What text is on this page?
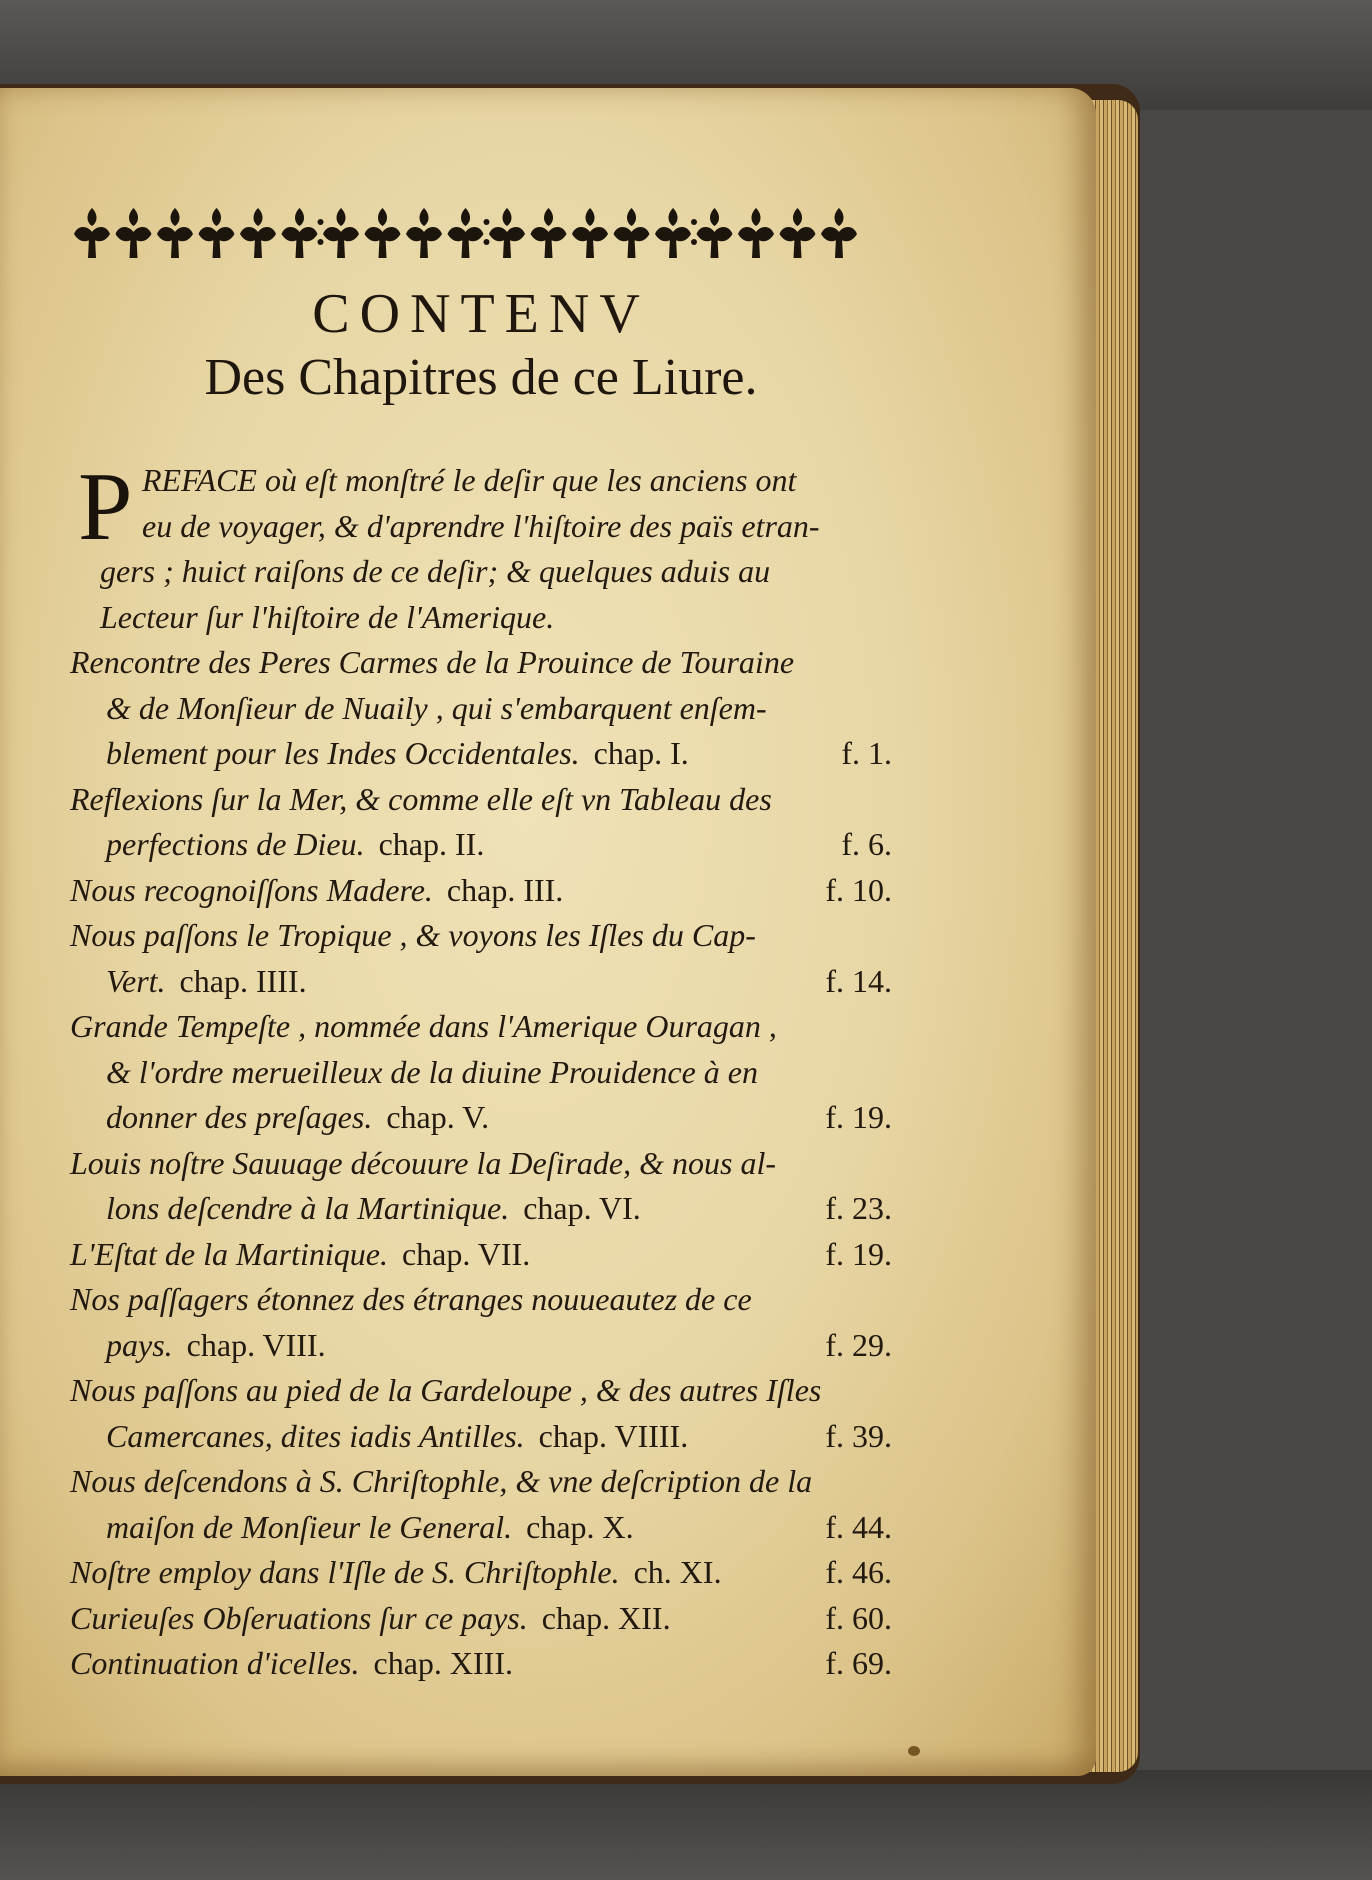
CONTENV
Des Chapitres de ce Liure.
P REFACE où eſt monſtré le deſir que les anciens ont
eu de voyager, & d'aprendre l'hiſtoire des païs etran-
gers ; huict raiſons de ce deſir; & quelques aduis au
Lecteur ſur l'hiſtoire de l'Amerique.
Rencontre des Peres Carmes de la Prouince de Touraine
& de Monſieur de Nuaily , qui s'embarquent enſem-
blement pour les Indes Occidentales. chap. I.	f. 1.
Reflexions ſur la Mer, & comme elle eſt vn Tableau des
perfections de Dieu. chap. II.	f. 6.
Nous recognoiſſons Madere. chap. III.	f. 10.
Nous paſſons le Tropique , & voyons les Iſles du Cap-
Vert. chap. IIII.	f. 14.
Grande Tempeſte , nommée dans l'Amerique Ouragan ,
& l'ordre merueilleux de la diuine Prouidence à en
donner des preſages. chap. V.	f. 19.
Louis noſtre Sauuage découure la Deſirade, & nous al-
lons deſcendre à la Martinique. chap. VI.	f. 23.
L'Eſtat de la Martinique. chap. VII.	f. 19.
Nos paſſagers étonnez des étranges nouueautez de ce
pays. chap. VIII.	f. 29.
Nous paſſons au pied de la Gardeloupe , & des autres Iſles
Camercanes, dites iadis Antilles. chap. VIIII.	f. 39.
Nous deſcendons à S. Chriſtophle, & vne deſcription de la
maiſon de Monſieur le General. chap. X.	f. 44.
Noſtre employ dans l'Iſle de S. Chriſtophle. ch. XI.	f. 46.
Curieuſes Obſeruations ſur ce pays. chap. XII.	f. 60.
Continuation d'icelles. chap. XIII.	f. 69.
